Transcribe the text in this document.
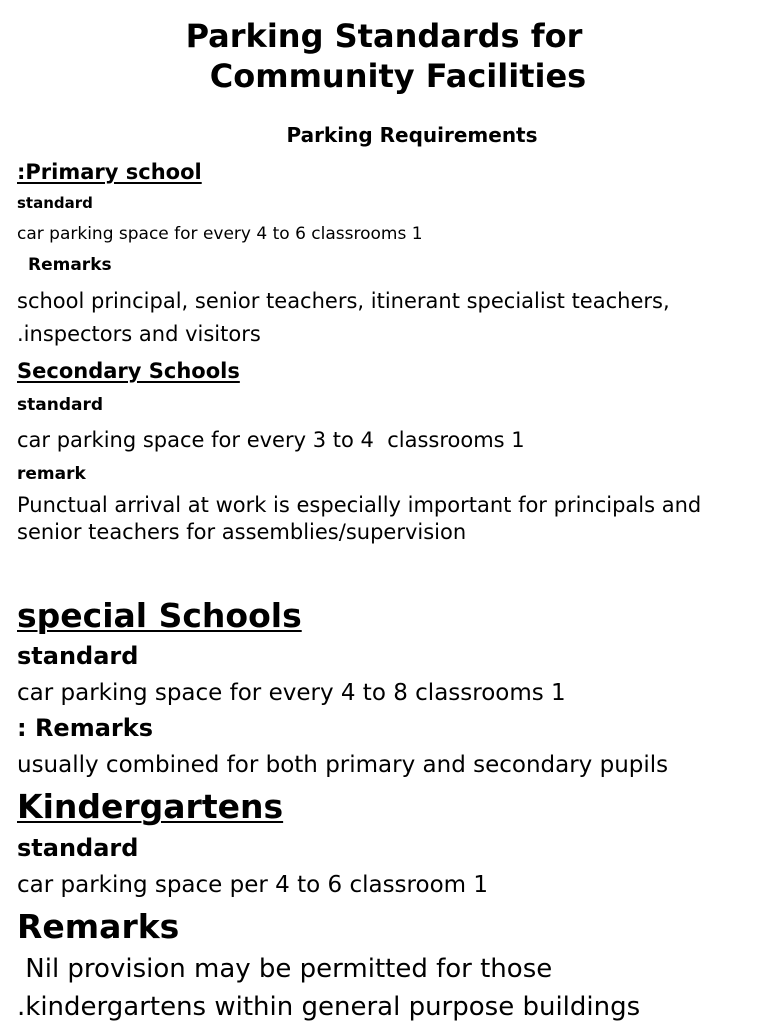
Parking Standards for
Community Facilities
Parking Requirements
:Primary school
standard
car parking space for every 4 to 6 classrooms 1
Remarks
school principal, senior teachers, itinerant specialist teachers,
.inspectors and visitors
Secondary Schools
standard
car parking space for every 3 to 4  classrooms 1
remark
Punctual arrival at work is especially important for principals and
senior teachers for assemblies/supervision
special Schools
standard
car parking space for every 4 to 8 classrooms 1
: Remarks
usually combined for both primary and secondary pupils
Kindergartens
standard
car parking space per 4 to 6 classroom 1
Remarks
Nil provision may be permitted for those
.kindergartens within general purpose buildings
